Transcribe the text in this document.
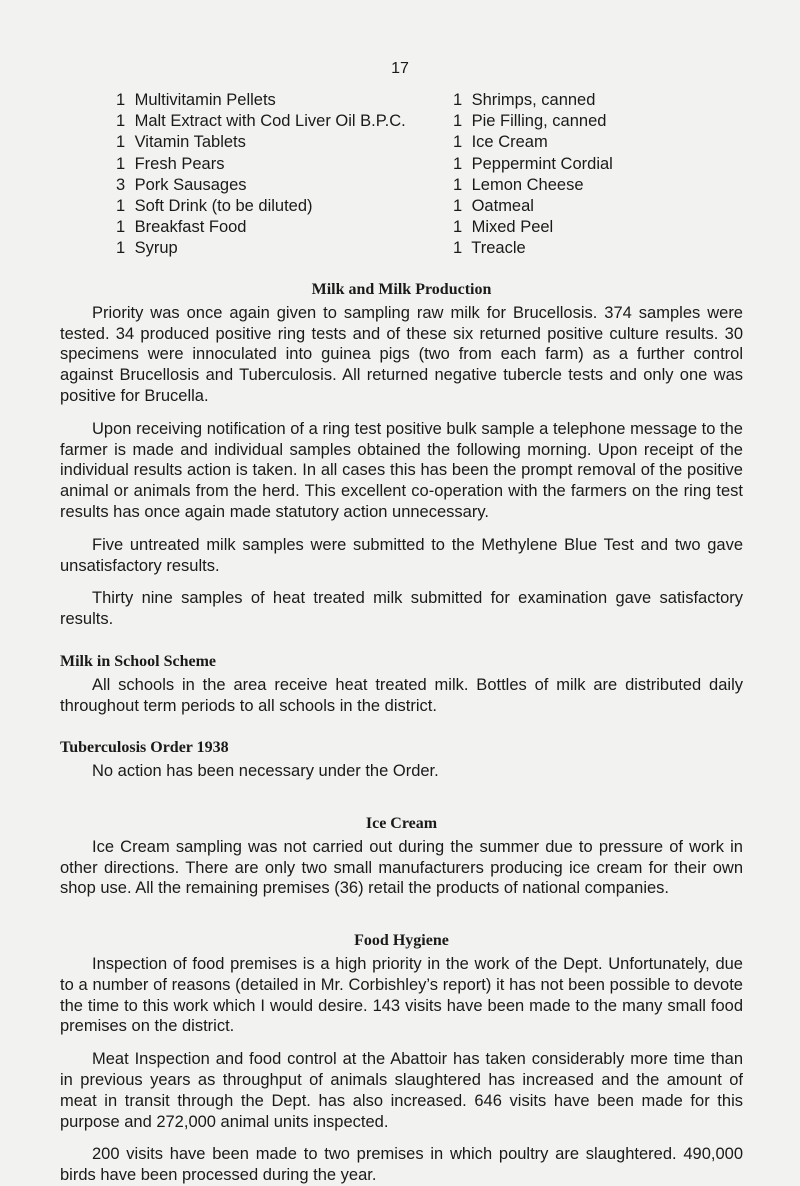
17
1 Multivitamin Pellets
1 Malt Extract with Cod Liver Oil B.P.C.
1 Vitamin Tablets
1 Fresh Pears
3 Pork Sausages
1 Soft Drink (to be diluted)
1 Breakfast Food
1 Syrup
1 Shrimps, canned
1 Pie Filling, canned
1 Ice Cream
1 Peppermint Cordial
1 Lemon Cheese
1 Oatmeal
1 Mixed Peel
1 Treacle
Milk and Milk Production

Priority was once again given to sampling raw milk for Brucellosis. 374 samples were tested. 34 produced positive ring tests and of these six returned positive culture results. 30 specimens were innoculated into guinea pigs (two from each farm) as a further control against Brucellosis and Tuberculosis. All returned negative tubercle tests and only one was positive for Brucella.

Upon receiving notification of a ring test positive bulk sample a telephone message to the farmer is made and individual samples obtained the following morning. Upon receipt of the individual results action is taken. In all cases this has been the prompt removal of the positive animal or animals from the herd. This excellent co-operation with the farmers on the ring test results has once again made statutory action unnecessary.

Five untreated milk samples were submitted to the Methylene Blue Test and two gave unsatisfactory results.

Thirty nine samples of heat treated milk submitted for examination gave satisfactory results.

Milk in School Scheme

All schools in the area receive heat treated milk. Bottles of milk are distributed daily throughout term periods to all schools in the district.

Tuberculosis Order 1938

No action has been necessary under the Order.

Ice Cream

Ice Cream sampling was not carried out during the summer due to pressure of work in other directions. There are only two small manufacturers producing ice cream for their own shop use. All the remaining premises (36) retail the products of national companies.

Food Hygiene

Inspection of food premises is a high priority in the work of the Dept. Unfortunately, due to a number of reasons (detailed in Mr. Corbishley’s report) it has not been possible to devote the time to this work which I would desire. 143 visits have been made to the many small food premises on the district.

Meat Inspection and food control at the Abattoir has taken considerably more time than in previous years as throughput of animals slaughtered has increased and the amount of meat in transit through the Dept. has also increased. 646 visits have been made for this purpose and 272,000 animal units inspected.

200 visits have been made to two premises in which poultry are slaughtered. 490,000 birds have been processed during the year.
